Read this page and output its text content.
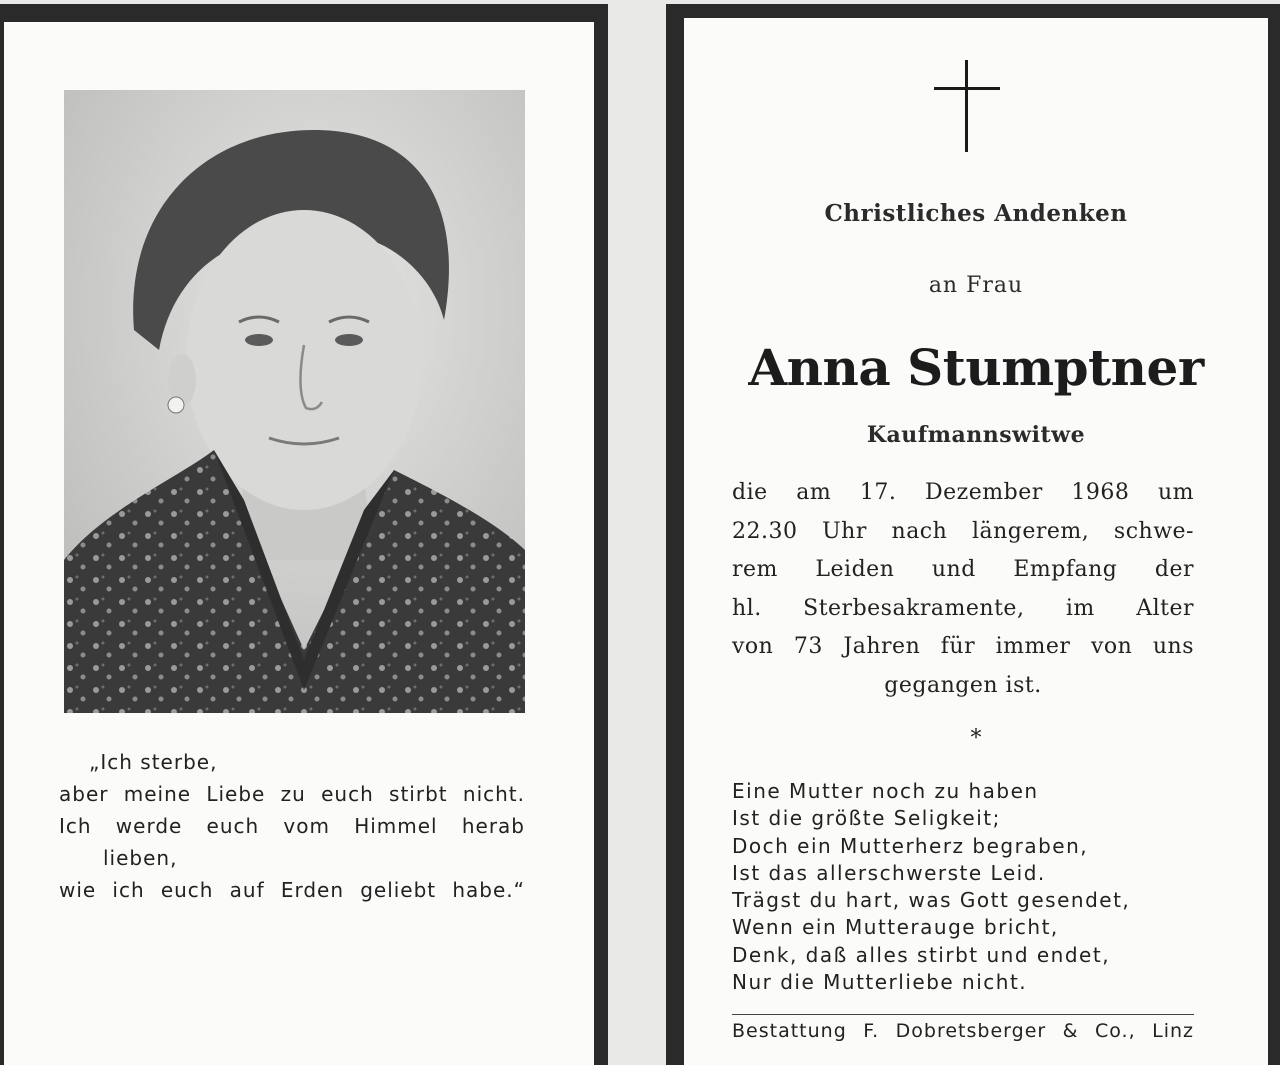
„Ich sterbe,
aber meine Liebe zu euch stirbt nicht.
Ich werde euch vom Himmel herab
lieben,
wie ich euch auf Erden geliebt habe.“
Christliches Andenken
an Frau
Anna Stumptner
Kaufmannswitwe
die am 17. Dezember 1968 um
22.30 Uhr nach längerem, schwe-
rem Leiden und Empfang der
hl. Sterbesakramente, im Alter
von 73 Jahren für immer von uns
gegangen ist.
*
Eine Mutter noch zu haben
Ist die größte Seligkeit;
Doch ein Mutterherz begraben,
Ist das allerschwerste Leid.
Trägst du hart, was Gott gesendet,
Wenn ein Mutterauge bricht,
Denk, daß alles stirbt und endet,
Nur die Mutterliebe nicht.
Bestattung F. Dobretsberger & Co., Linz
